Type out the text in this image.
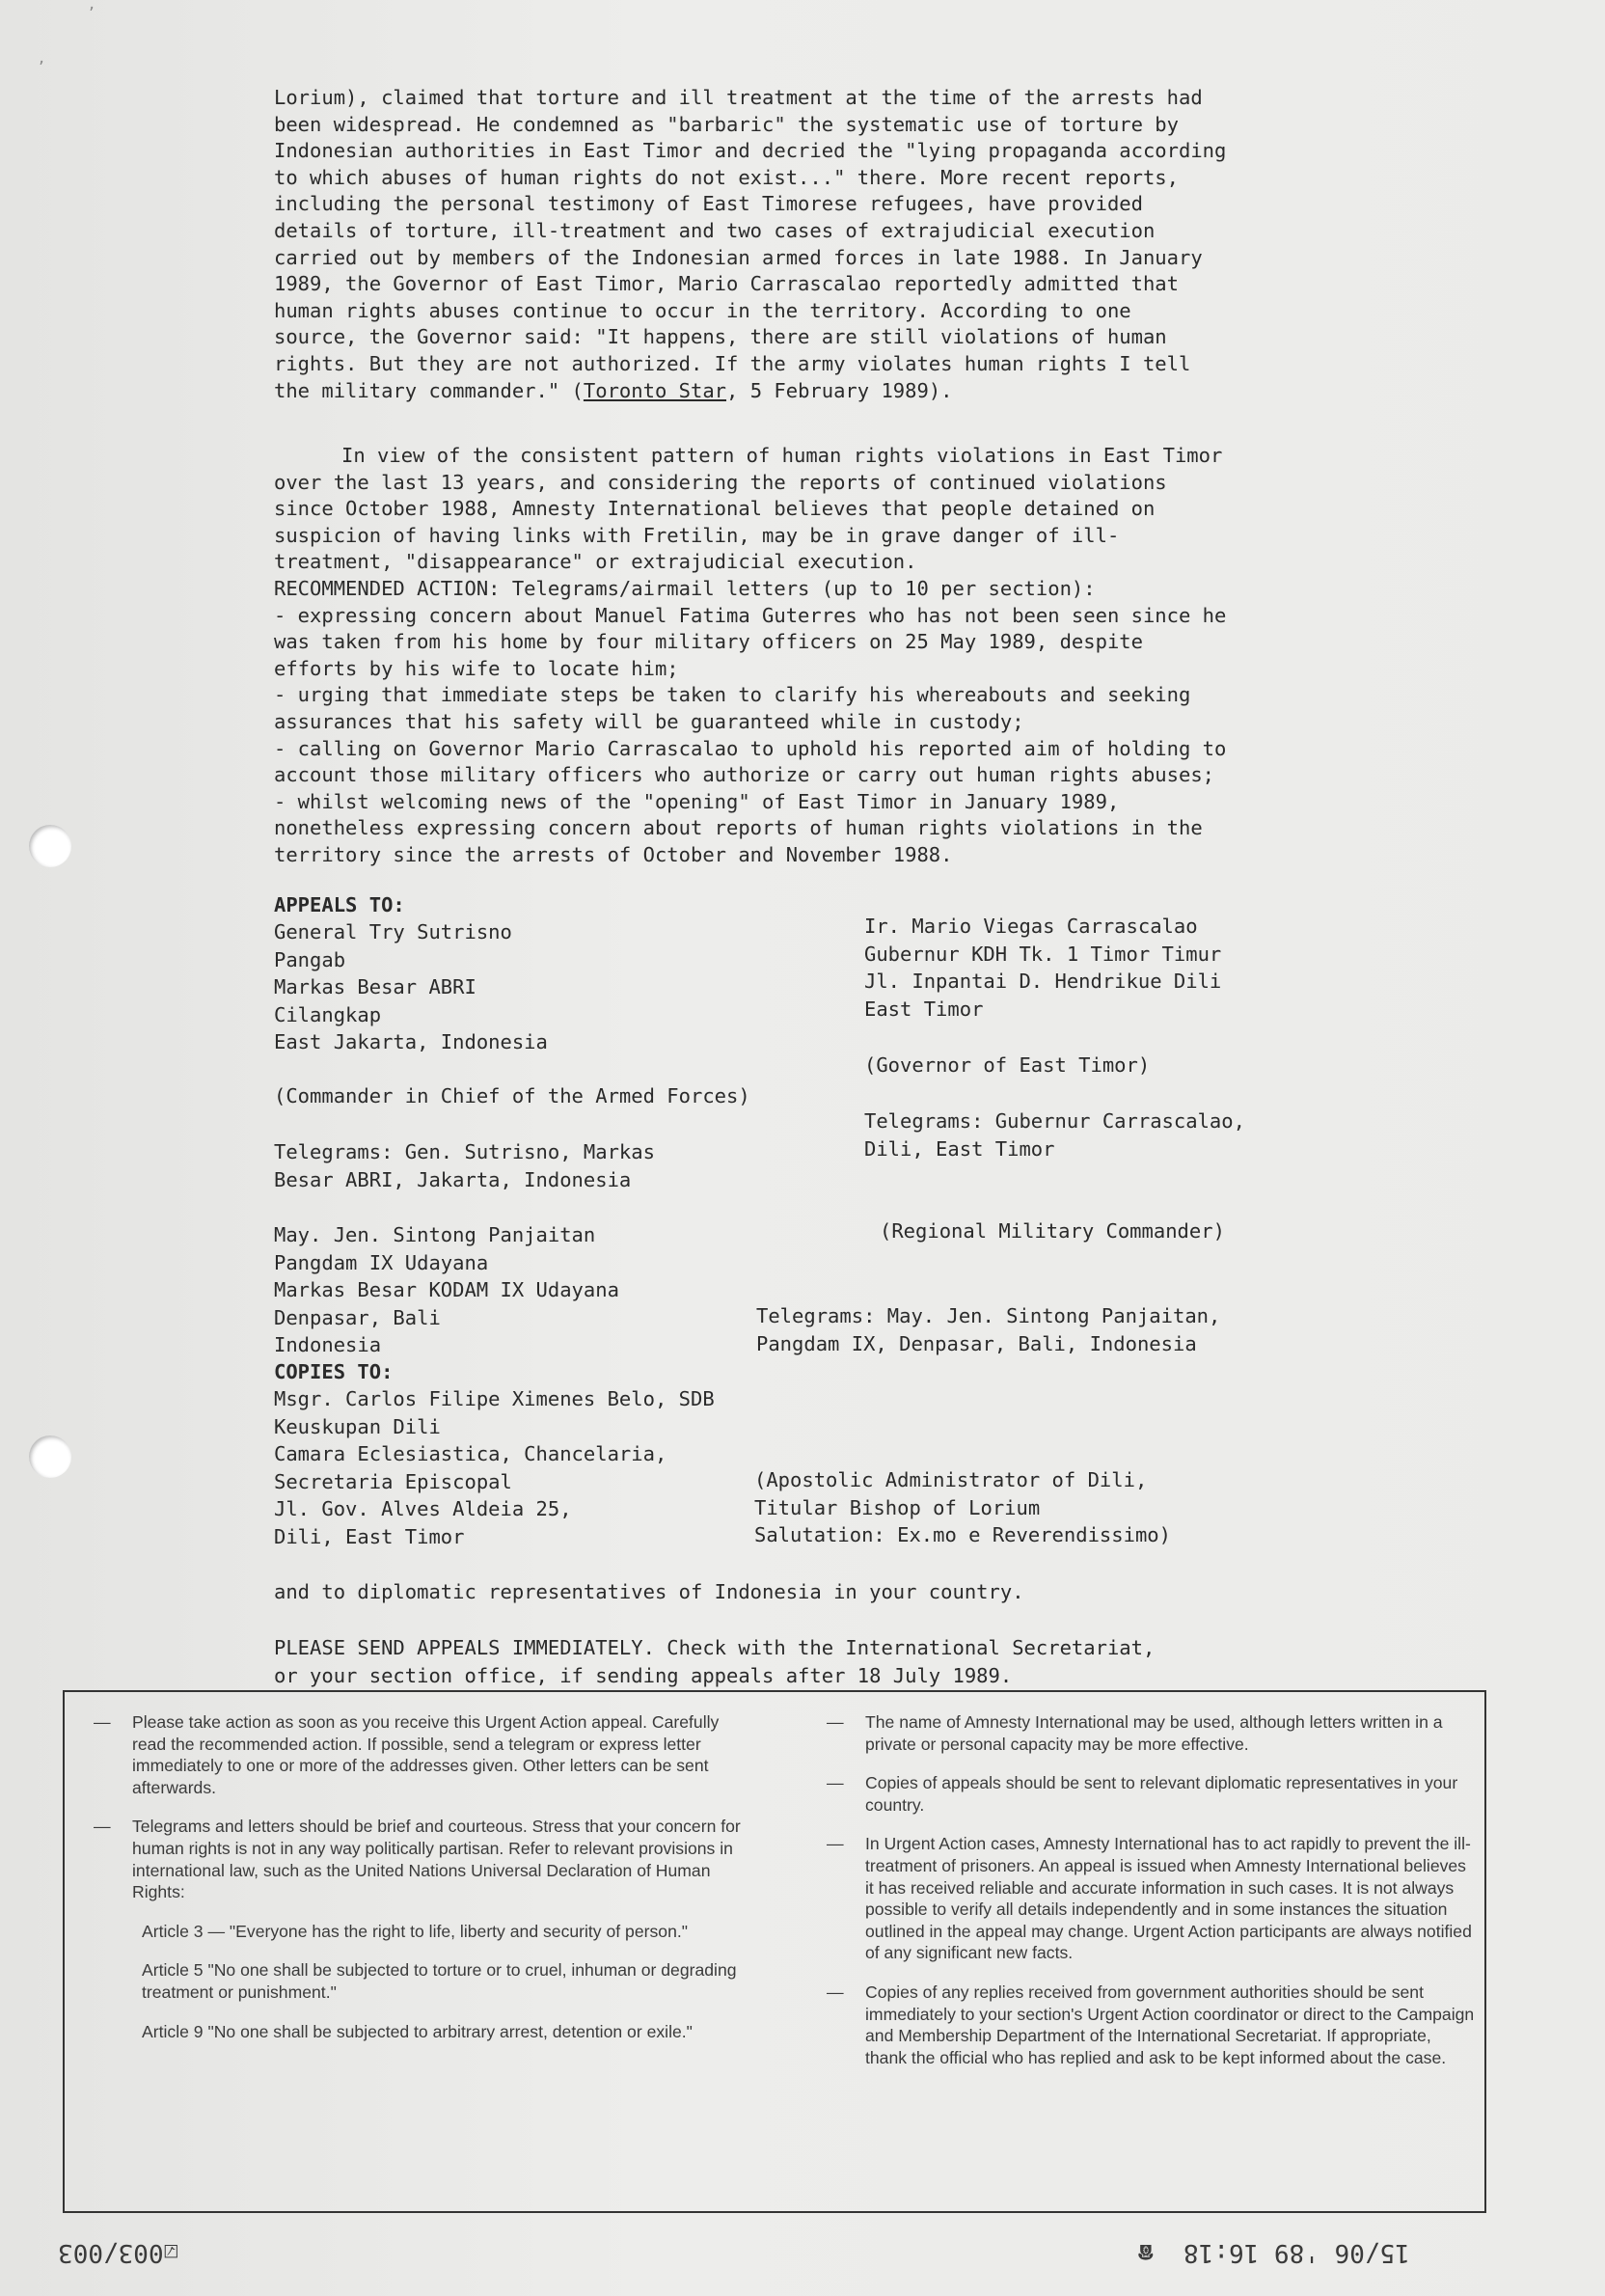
ʼ
ʼ
Lorium), claimed that torture and ill treatment at the time of the arrests had
been widespread. He condemned as "barbaric" the systematic use of torture by
Indonesian authorities in East Timor and decried the "lying propaganda according
to which abuses of human rights do not exist..." there. More recent reports,
including the personal testimony of East Timorese refugees, have provided
details of torture, ill-treatment and two cases of extrajudicial execution
carried out by members of the Indonesian armed forces in late 1988. In January
1989, the Governor of East Timor, Mario Carrascalao reportedly admitted that
human rights abuses continue to occur in the territory. According to one
source, the Governor said: "It happens, there are still violations of human
rights. But they are not authorized. If the army violates human rights I tell
the military commander." (Toronto Star, 5 February 1989).
In view of the consistent pattern of human rights violations in East Timor
over the last 13 years, and considering the reports of continued violations
since October 1988, Amnesty International believes that people detained on
suspicion of having links with Fretilin, may be in grave danger of ill-
treatment, "disappearance" or extrajudicial execution.
RECOMMENDED ACTION: Telegrams/airmail letters (up to 10 per section):
- expressing concern about Manuel Fatima Guterres who has not been seen since he
was taken from his home by four military officers on 25 May 1989, despite
efforts by his wife to locate him;
- urging that immediate steps be taken to clarify his whereabouts and seeking
assurances that his safety will be guaranteed while in custody;
- calling on Governor Mario Carrascalao to uphold his reported aim of holding to
account those military officers who authorize or carry out human rights abuses;
- whilst welcoming news of the "opening" of East Timor in January 1989,
nonetheless expressing concern about reports of human rights violations in the
territory since the arrests of October and November 1988.
APPEALS TO:
General Try Sutrisno
Pangab
Markas Besar ABRI
Cilangkap
East Jakarta, Indonesia
(Commander in Chief of the Armed Forces)
Telegrams: Gen. Sutrisno, Markas
Besar ABRI, Jakarta, Indonesia
Ir. Mario Viegas Carrascalao
Gubernur KDH Tk. 1 Timor Timur
Jl. Inpantai D. Hendrikue Dili
East Timor
(Governor of East Timor)
Telegrams: Gubernur Carrascalao,
Dili, East Timor
May. Jen. Sintong Panjaitan
Pangdam IX Udayana
Markas Besar KODAM IX Udayana
Denpasar, Bali
Indonesia
(Regional Military Commander)
Telegrams: May. Jen. Sintong Panjaitan,
Pangdam IX, Denpasar, Bali, Indonesia
COPIES TO:
Msgr. Carlos Filipe Ximenes Belo, SDB
Keuskupan Dili
Camara Eclesiastica, Chancelaria,
Secretaria Episcopal
Jl. Gov. Alves Aldeia 25,
Dili, East Timor
(Apostolic Administrator of Dili,
Titular Bishop of Lorium
Salutation: Ex.mo e Reverendissimo)
and to diplomatic representatives of Indonesia in your country.
PLEASE SEND APPEALS IMMEDIATELY. Check with the International Secretariat,
or your section office, if sending appeals after 18 July 1989.
— Please take action as soon as you receive this Urgent Action appeal. Carefully read the recommended action. If possible, send a telegram or express letter immediately to one or more of the addresses given. Other letters can be sent afterwards.
— Telegrams and letters should be brief and courteous. Stress that your concern for human rights is not in any way politically partisan. Refer to relevant provisions in international law, such as the United Nations Universal Declaration of Human Rights:
Article 3 — "Everyone has the right to life, liberty and security of person."
Article 5 "No one shall be subjected to torture or to cruel, inhuman or degrading treatment or punishment."
Article 9 "No one shall be subjected to arbitrary arrest, detention or exile."
— The name of Amnesty International may be used, although letters written in a private or personal capacity may be more effective.
— Copies of appeals should be sent to relevant diplomatic representatives in your country.
— In Urgent Action cases, Amnesty International has to act rapidly to prevent the ill-treatment of prisoners. An appeal is issued when Amnesty International believes it has received reliable and accurate information in such cases. It is not always possible to verify all details independently and in some instances the situation outlined in the appeal may change. Urgent Action participants are always notified of any significant new facts.
— Copies of any replies received from government authorities should be sent immediately to your section's Urgent Action coordinator or direct to the Campaign and Membership Department of the International Secretariat. If appropriate, thank the official who has replied and ask to be kept informed about the case.
☑003/003	15/06 '89 16:18  ☎
